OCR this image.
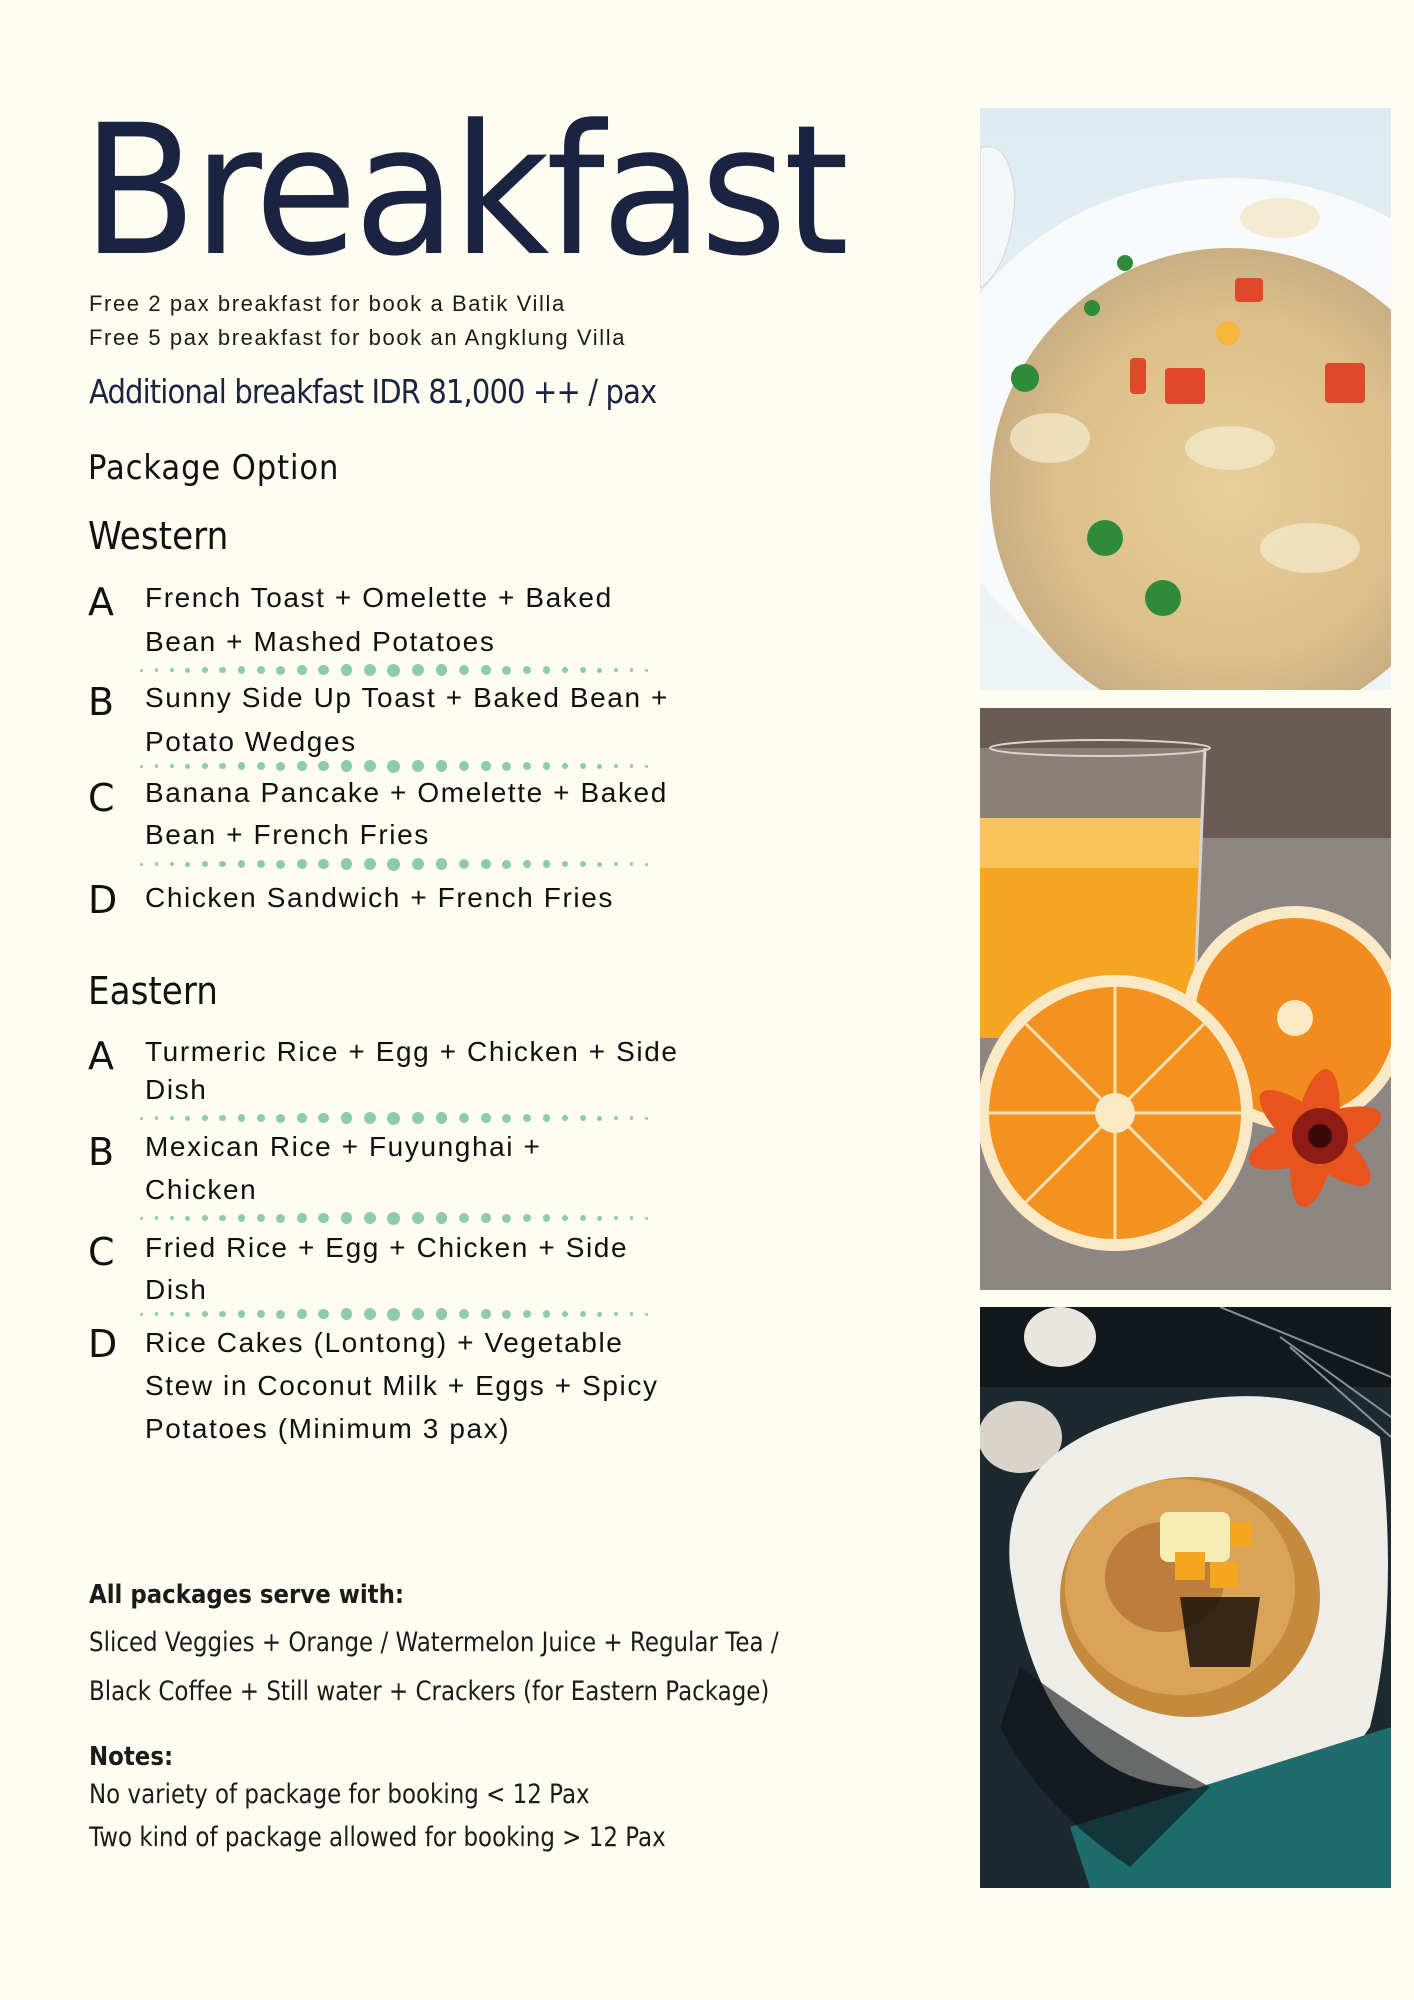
Breakfast
Free 2 pax breakfast for book a Batik Villa
Free 5 pax breakfast for book an Angklung Villa
Additional breakfast IDR 81,000 ++ / pax
Package Option
Western
A French Toast + Omelette + Baked
Bean + Mashed Potatoes
B Sunny Side Up Toast + Baked Bean +
Potato Wedges
C Banana Pancake + Omelette + Baked
Bean + French Fries
D Chicken Sandwich + French Fries
Eastern
A Turmeric Rice + Egg + Chicken + Side
Dish
B Mexican Rice + Fuyunghai +
Chicken
C Fried Rice + Egg + Chicken + Side
Dish
D Rice Cakes (Lontong) + Vegetable
Stew in Coconut Milk + Eggs + Spicy
Potatoes (Minimum 3 pax)
All packages serve with:
Sliced Veggies + Orange / Watermelon Juice + Regular Tea /
Black Coffee + Still water + Crackers (for Eastern Package)
Notes:
No variety of package for booking < 12 Pax
Two kind of package allowed for booking > 12 Pax
